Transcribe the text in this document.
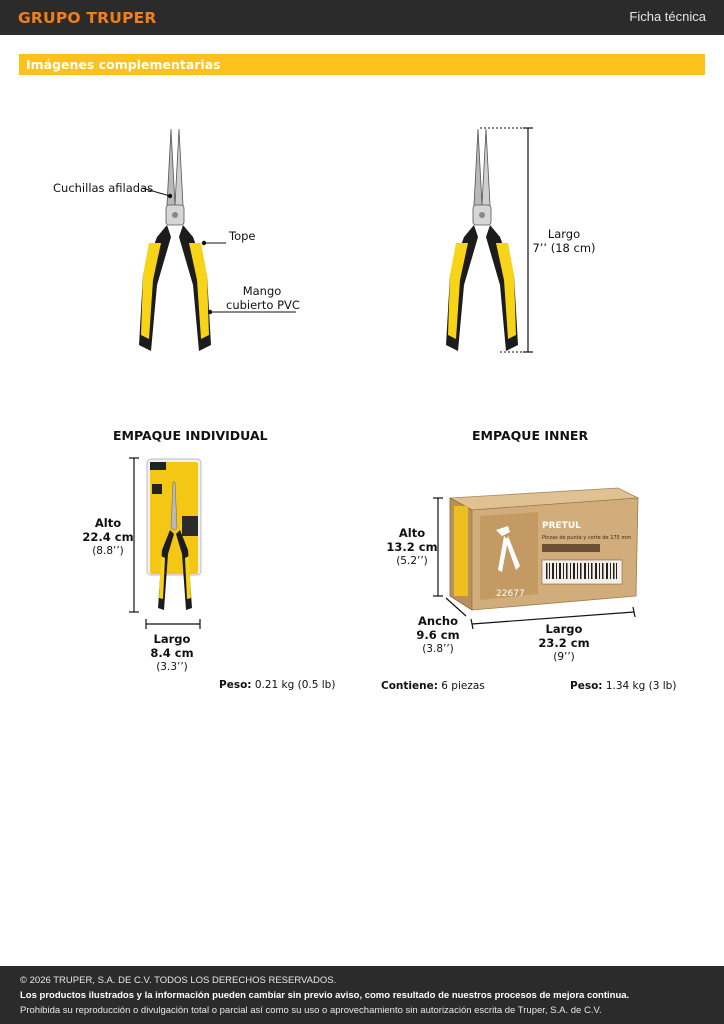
GRUPO TRUPER	Ficha técnica
Imágenes complementarias
Cuchillas afiladas
Tope
Mango
cubierto PVC
Largo
7’’ (18 cm)
EMPAQUE INDIVIDUAL
Alto
22.4 cm
(8.8’’)
Largo
8.4 cm
(3.3’’)
Peso: 0.21 kg (0.5 lb)
EMPAQUE INNER
PRETUL
Pinzas de punta y corte de 175 mm
22677
Alto
13.2 cm
(5.2’’)
Ancho
9.6 cm
(3.8’’)
Largo
23.2 cm
(9’’)
Contiene: 6 piezas	Peso: 1.34 kg (3 lb)
© 2026 TRUPER, S.A. DE C.V. TODOS LOS DERECHOS RESERVADOS.
Los productos ilustrados y la información pueden cambiar sin previo aviso, como resultado de nuestros procesos de mejora continua.
Prohibida su reproducción o divulgación total o parcial así como su uso o aprovechamiento sin autorización escrita de Truper, S.A. de C.V.
